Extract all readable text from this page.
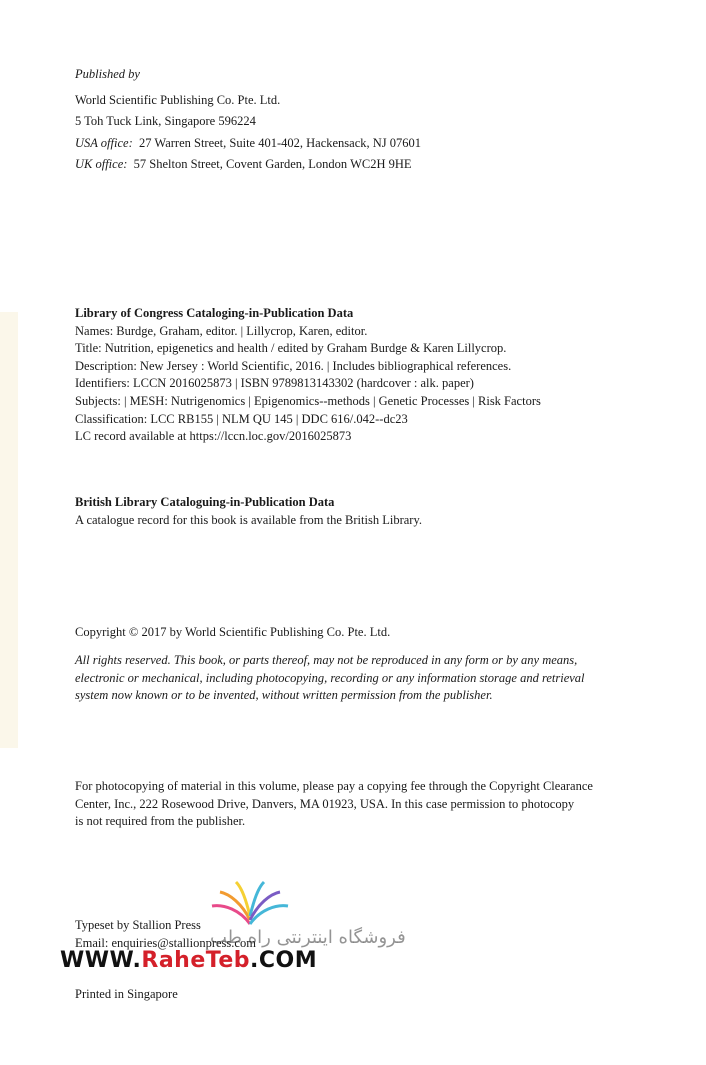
Published by
World Scientific Publishing Co. Pte. Ltd.
5 Toh Tuck Link, Singapore 596224
USA office: 27 Warren Street, Suite 401-402, Hackensack, NJ 07601
UK office: 57 Shelton Street, Covent Garden, London WC2H 9HE
Library of Congress Cataloging-in-Publication Data
Names: Burdge, Graham, editor. | Lillycrop, Karen, editor.
Title: Nutrition, epigenetics and health / edited by Graham Burdge & Karen Lillycrop.
Description: New Jersey : World Scientific, 2016. | Includes bibliographical references.
Identifiers: LCCN 2016025873 | ISBN 9789813143302 (hardcover : alk. paper)
Subjects: | MESH: Nutrigenomics | Epigenomics--methods | Genetic Processes | Risk Factors
Classification: LCC RB155 | NLM QU 145 | DDC 616/.042--dc23
LC record available at https://lccn.loc.gov/2016025873
British Library Cataloguing-in-Publication Data
A catalogue record for this book is available from the British Library.
Copyright © 2017 by World Scientific Publishing Co. Pte. Ltd.
All rights reserved. This book, or parts thereof, may not be reproduced in any form or by any means,
electronic or mechanical, including photocopying, recording or any information storage and retrieval
system now known or to be invented, without written permission from the publisher.
For photocopying of material in this volume, please pay a copying fee through the Copyright Clearance
Center, Inc., 222 Rosewood Drive, Danvers, MA 01923, USA. In this case permission to photocopy
is not required from the publisher.
Typeset by Stallion Press
Email: enquiries@stallionpress.com
Printed in Singapore
فروشگاه اینترنتی راه طب
WWW.RaheTeb.COM
